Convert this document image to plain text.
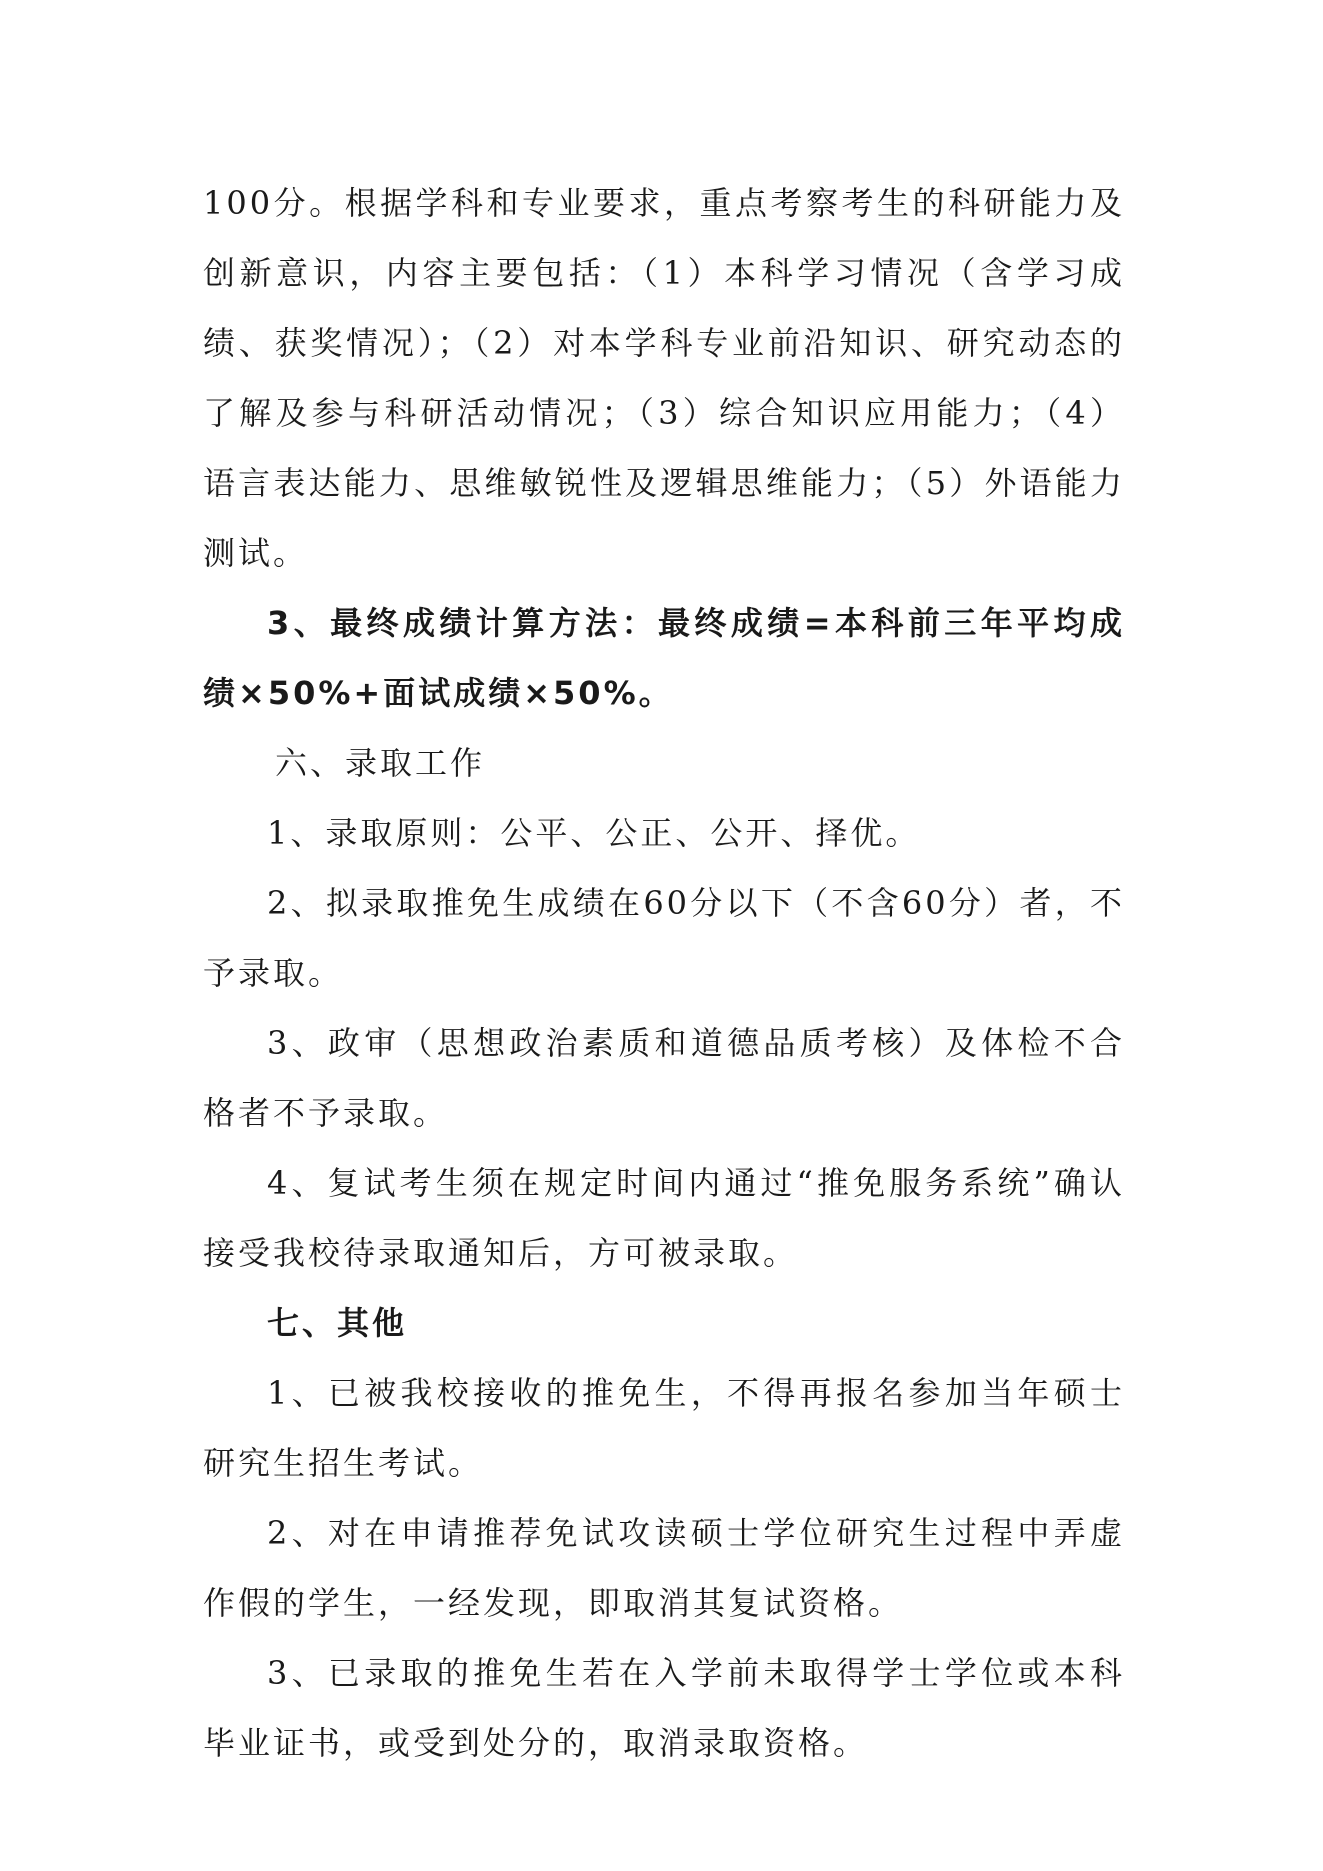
100分。根据学科和专业要求，重点考察考生的科研能力及创新意识，内容主要包括：（1）本科学习情况（含学习成绩、获奖情况）；（2）对本学科专业前沿知识、研究动态的了解及参与科研活动情况；（3）综合知识应用能力；（4）语言表达能力、思维敏锐性及逻辑思维能力；（5）外语能力测试。

3、最终成绩计算方法：最终成绩=本科前三年平均成绩×50%+面试成绩×50%。

六、录取工作

1、录取原则：公平、公正、公开、择优。

2、拟录取推免生成绩在60分以下（不含60分）者，不予录取。

3、政审（思想政治素质和道德品质考核）及体检不合格者不予录取。

4、复试考生须在规定时间内通过“推免服务系统”确认接受我校待录取通知后，方可被录取。

七、其他

1、已被我校接收的推免生，不得再报名参加当年硕士研究生招生考试。

2、对在申请推荐免试攻读硕士学位研究生过程中弄虚作假的学生，一经发现，即取消其复试资格。

3、已录取的推免生若在入学前未取得学士学位或本科毕业证书，或受到处分的，取消录取资格。
